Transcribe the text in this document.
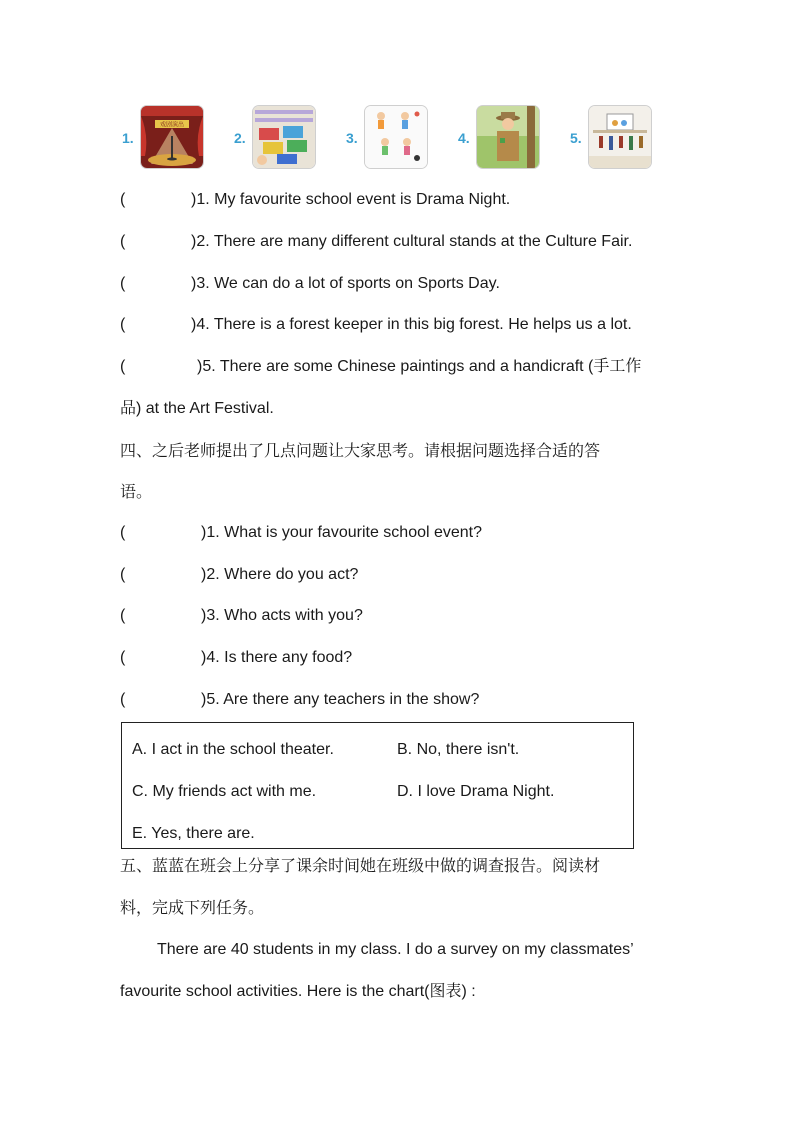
1.
戏剧演出
2.	3.	4.	5.
(	)1. My favourite school event is Drama Night.
(	)2. There are many different cultural stands at the Culture Fair.
(	)3. We can do a lot of sports on Sports Day.
(	)4. There is a forest keeper in this big forest. He helps us a lot.
(	)5. There are some Chinese paintings and a handicraft (手工作
品) at the Art Festival.
四、之后老师提出了几点问题让大家思考。请根据问题选择合适的答
语。
(	)1. What is your favourite school event?
(	)2. Where do you act?
(	)3. Who acts with you?
(	)4. Is there any food?
(	)5. Are there any teachers in the show?
A. I act in the school theater.	B. No, there isn't.
C. My friends act with me.	D. I love Drama Night.
E. Yes, there are.
五、蓝蓝在班会上分享了课余时间她在班级中做的调查报告。阅读材
料，完成下列任务。
There are 40 students in my class. I do a survey on my classmates’
favourite school activities. Here is the chart(图表) :
